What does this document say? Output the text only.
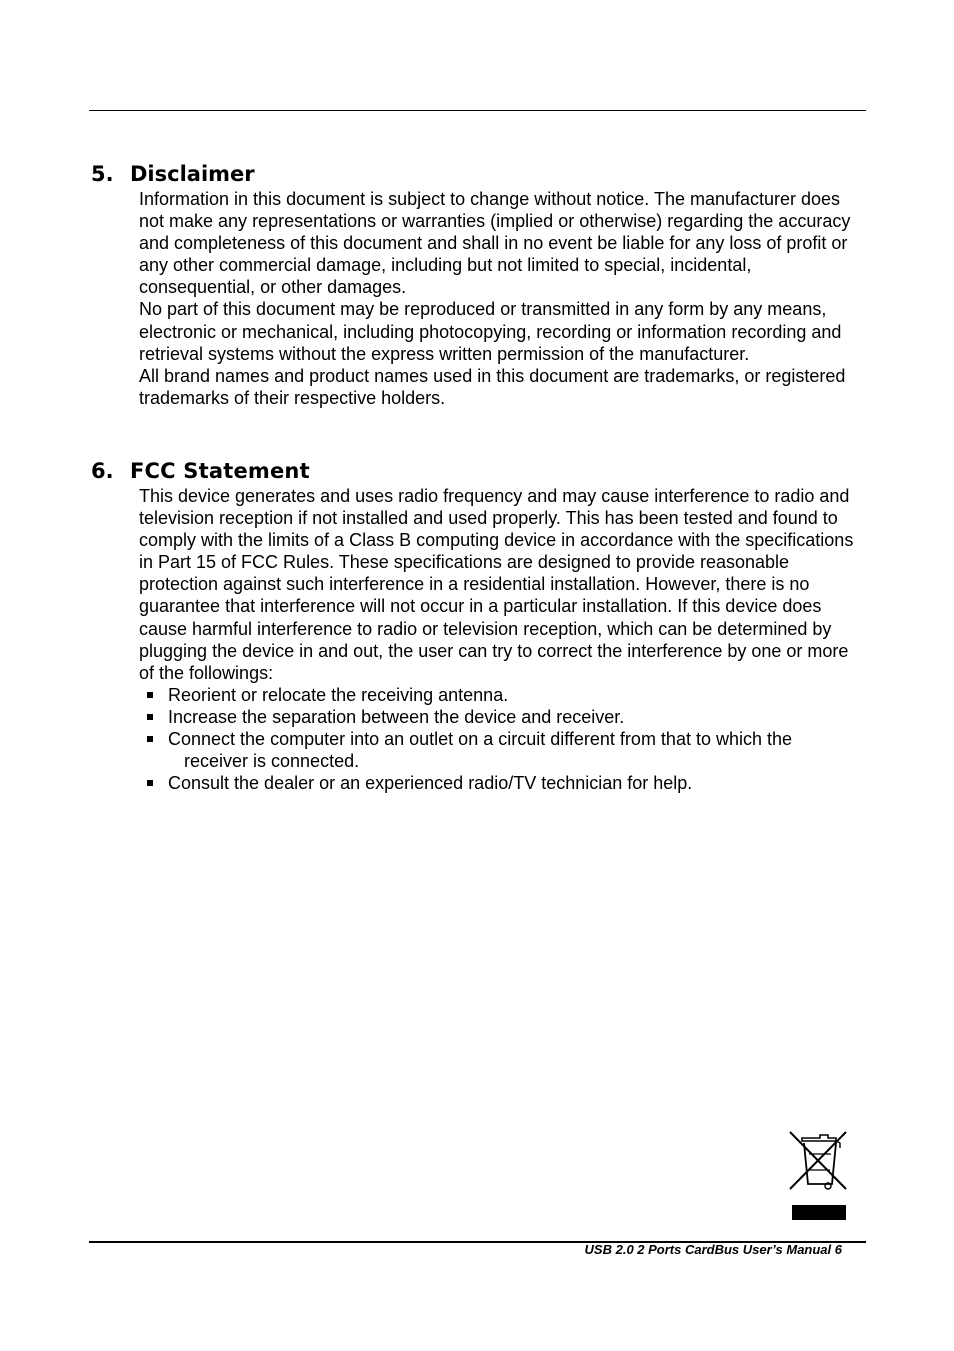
5. Disclaimer

Information in this document is subject to change without notice. The manufacturer does not make any representations or warranties (implied or otherwise) regarding the accuracy and completeness of this document and shall in no event be liable for any loss of profit or any other commercial damage, including but not limited to special, incidental, consequential, or other damages.

No part of this document may be reproduced or transmitted in any form by any means, electronic or mechanical, including photocopying, recording or information recording and retrieval systems without the express written permission of the manufacturer.

All brand names and product names used in this document are trademarks, or registered trademarks of their respective holders.

6. FCC Statement

This device generates and uses radio frequency and may cause interference to radio and television reception if not installed and used properly. This has been tested and found to comply with the limits of a Class B computing device in accordance with the specifications in Part 15 of FCC Rules. These specifications are designed to provide reasonable protection against such interference in a residential installation. However, there is no guarantee that interference will not occur in a particular installation. If this device does cause harmful interference to radio or television reception, which can be determined by plugging the device in and out, the user can try to correct the interference by one or more of the followings:

Reorient or relocate the receiving antenna.
Increase the separation between the device and receiver.
Connect the computer into an outlet on a circuit different from that to which the
receiver is connected.
Consult the dealer or an experienced radio/TV technician for help.
USB 2.0 2 Ports CardBus User’s Manual 6
